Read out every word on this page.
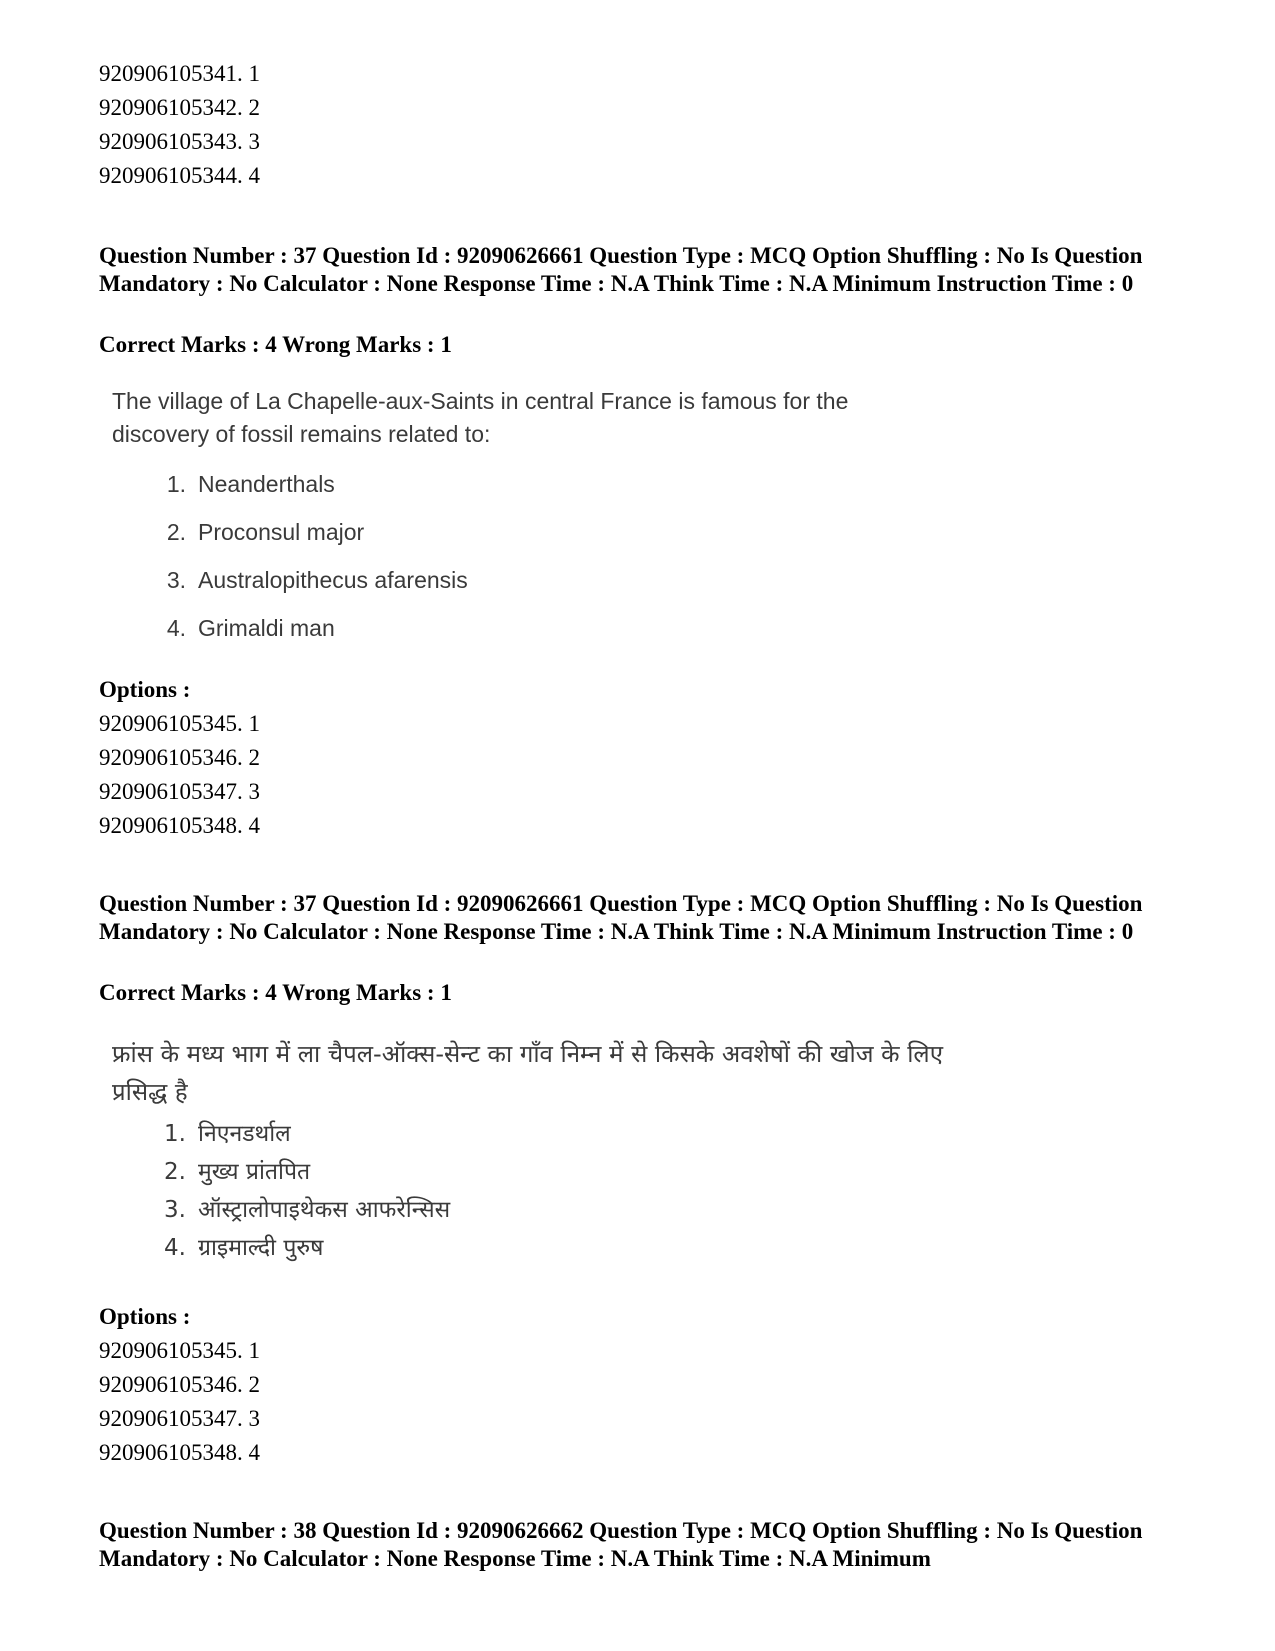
920906105341. 1
920906105342. 2
920906105343. 3
920906105344. 4

Question Number : 37 Question Id : 92090626661 Question Type : MCQ Option Shuffling : No Is Question Mandatory : No Calculator : None Response Time : N.A Think Time : N.A Minimum Instruction Time : 0

Correct Marks : 4 Wrong Marks : 1

The village of La Chapelle-aux-Saints in central France is famous for the discovery of fossil remains related to:

1. Neanderthals
2. Proconsul major
3. Australopithecus afarensis
4. Grimaldi man
Options :
920906105345. 1
920906105346. 2
920906105347. 3
920906105348. 4

Question Number : 37 Question Id : 92090626661 Question Type : MCQ Option Shuffling : No Is Question Mandatory : No Calculator : None Response Time : N.A Think Time : N.A Minimum Instruction Time : 0

Correct Marks : 4 Wrong Marks : 1

फ्रांस के मध्य भाग में ला चैपल-ऑक्स-सेन्ट का गाँव निम्न में से किसके अवशेषों की खोज के लिए प्रसिद्ध है

1. निएनडर्थाल
2. मुख्य प्रांतपित
3. ऑस्ट्रालोपाइथेकस आफरेन्सिस
4. ग्राइमाल्दी पुरुष
Options :
920906105345. 1
920906105346. 2
920906105347. 3
920906105348. 4

Question Number : 38 Question Id : 92090626662 Question Type : MCQ Option Shuffling : No Is Question Mandatory : No Calculator : None Response Time : N.A Think Time : N.A Minimum
